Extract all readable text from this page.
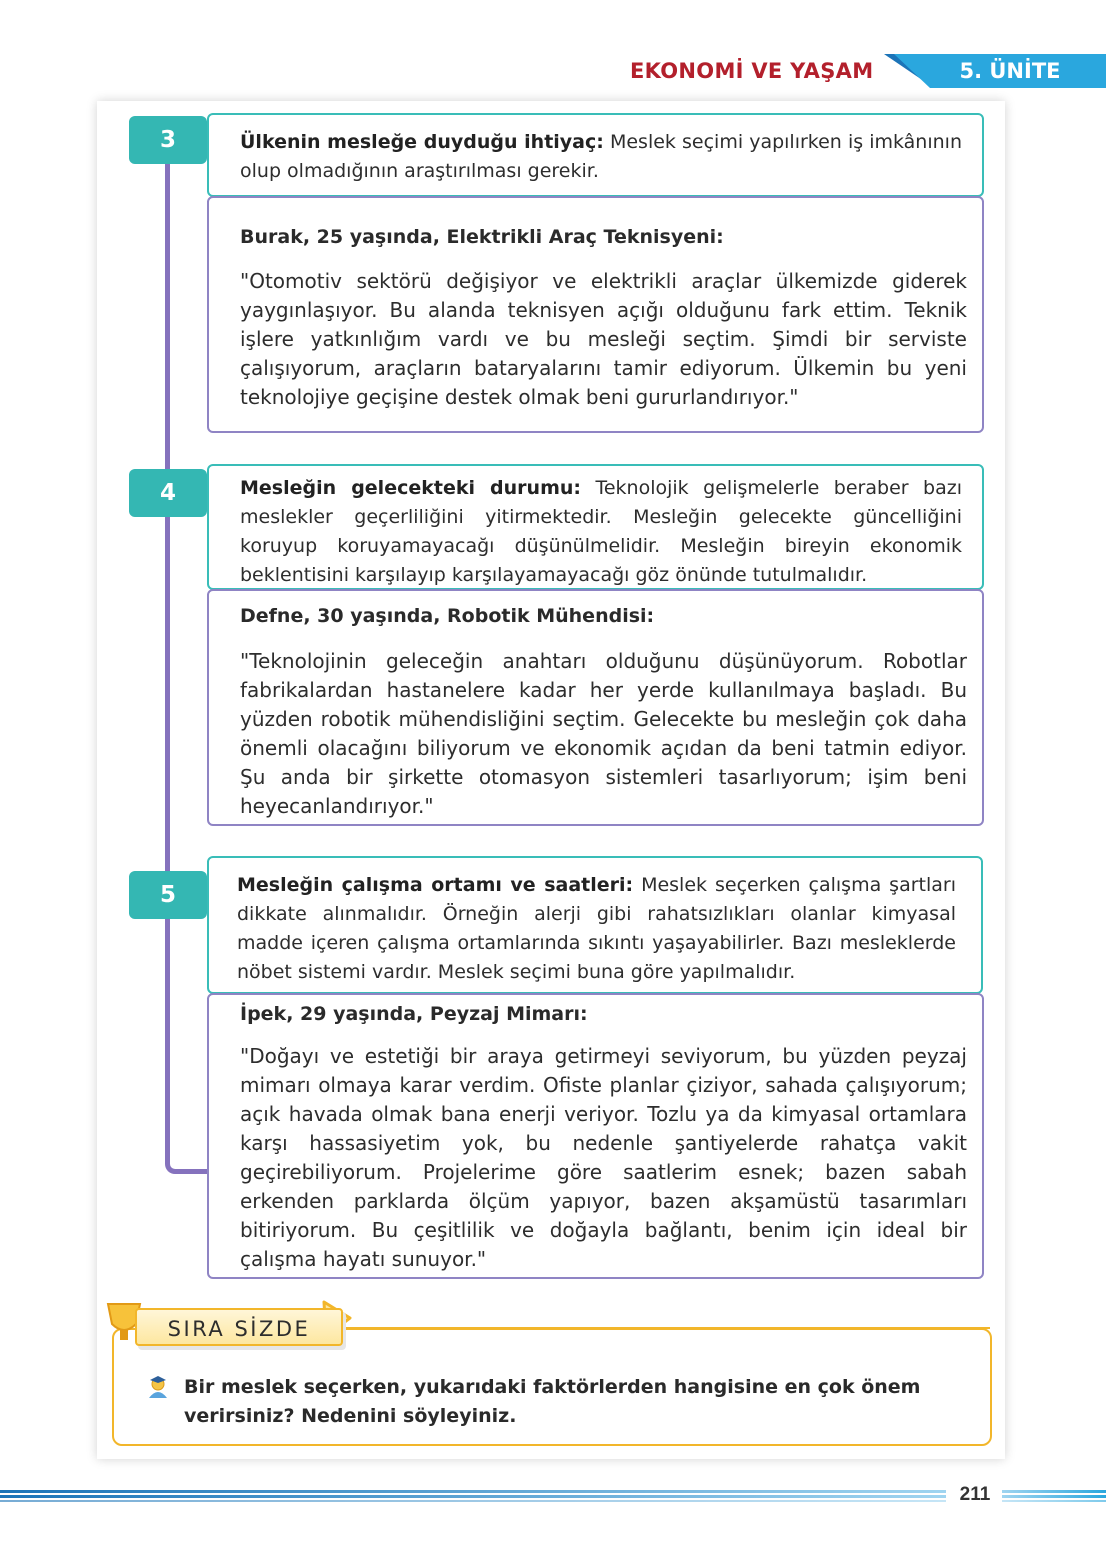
EKONOMİ VE YAŞAM	5. ÜNİTE
3	Ülkenin mesleğe duyduğu ihtiyaç: Meslek seçimi yapılırken iş imkânının olup olmadığının araştırılması gerekir.
Burak, 25 yaşında, Elektrikli Araç Teknisyeni:
"Otomotiv sektörü değişiyor ve elektrikli araçlar ülkemizde giderek yaygınlaşıyor. Bu alanda teknisyen açığı olduğunu fark ettim. Teknik işlere yatkınlığım vardı ve bu mesleği seçtim. Şimdi bir serviste çalışıyorum, araçların bataryalarını tamir ediyorum. Ülkemin bu yeni teknolojiye geçişine destek olmak beni gururlandırıyor."
4	Mesleğin gelecekteki durumu: Teknolojik gelişmelerle beraber bazı meslekler geçerliliğini yitirmektedir. Mesleğin gelecekte güncelliğini koruyup koruyamayacağı düşünülmelidir. Mesleğin bireyin ekonomik beklentisini karşılayıp karşılayamayacağı göz önünde tutulmalıdır.
Defne, 30 yaşında, Robotik Mühendisi:
"Teknolojinin geleceğin anahtarı olduğunu düşünüyorum. Robotlar fabrikalardan hastanelere kadar her yerde kullanılmaya başladı. Bu yüzden robotik mühendisliğini seçtim. Gelecekte bu mesleğin çok daha önemli olacağını biliyorum ve ekonomik açıdan da beni tatmin ediyor. Şu anda bir şirkette otomasyon sistemleri tasarlıyorum; işim beni heyecanlandırıyor."
5	Mesleğin çalışma ortamı ve saatleri: Meslek seçerken çalışma şartları dikkate alınmalıdır. Örneğin alerji gibi rahatsızlıkları olanlar kimyasal madde içeren çalışma ortamlarında sıkıntı yaşayabilirler. Bazı mesleklerde nöbet sistemi vardır. Meslek seçimi buna göre yapılmalıdır.
İpek, 29 yaşında, Peyzaj Mimarı:
"Doğayı ve estetiği bir araya getirmeyi seviyorum, bu yüzden peyzaj mimarı olmaya karar verdim. Ofiste planlar çiziyor, sahada çalışıyorum; açık havada olmak bana enerji veriyor. Tozlu ya da kimyasal ortamlara karşı hassasiyetim yok, bu nedenle şantiyelerde rahatça vakit geçirebiliyorum. Projelerime göre saatlerim esnek; bazen sabah erkenden parklarda ölçüm yapıyor, bazen akşamüstü tasarımları bitiriyorum. Bu çeşitlilik ve doğayla bağlantı, benim için ideal bir çalışma hayatı sunuyor."
SIRA SİZDE
Bir meslek seçerken, yukarıdaki faktörlerden hangisine en çok önem verirsiniz? Nedenini söyleyiniz.
211
